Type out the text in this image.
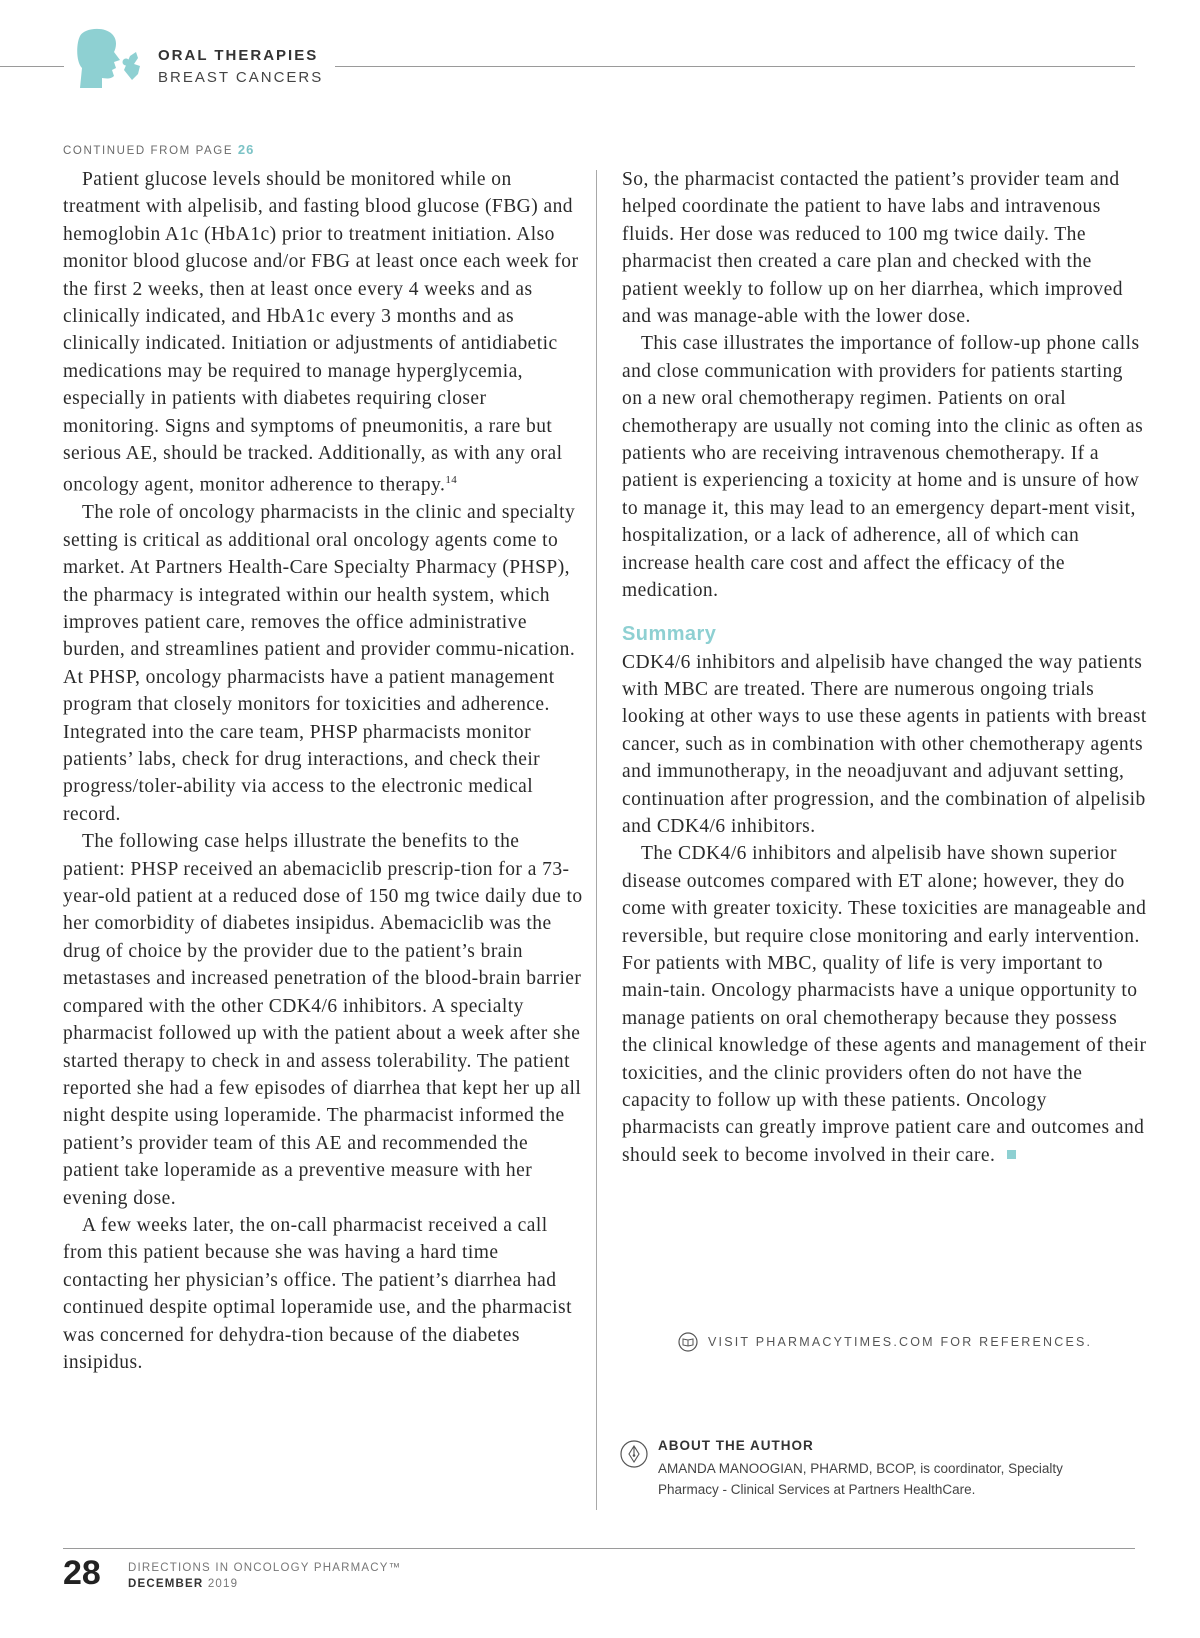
ORAL THERAPIES
BREAST CANCERS
CONTINUED FROM PAGE 26

Patient glucose levels should be monitored while on treatment with alpelisib, and fasting blood glucose (FBG) and hemoglobin A1c (HbA1c) prior to treatment initiation. Also monitor blood glucose and/or FBG at least once each week for the first 2 weeks, then at least once every 4 weeks and as clinically indicated, and HbA1c every 3 months and as clinically indicated. Initiation or adjustments of antidiabetic medications may be required to manage hyperglycemia, especially in patients with diabetes requiring closer monitoring. Signs and symptoms of pneumonitis, a rare but serious AE, should be tracked. Additionally, as with any oral oncology agent, monitor adherence to therapy.$^{14}$

The role of oncology pharmacists in the clinic and specialty setting is critical as additional oral oncology agents come to market. At Partners Health-Care Specialty Pharmacy (PHSP), the pharmacy is integrated within our health system, which improves patient care, removes the office administrative burden, and streamlines patient and provider commu-nication. At PHSP, oncology pharmacists have a patient management program that closely monitors for toxicities and adherence. Integrated into the care team, PHSP pharmacists monitor patients’ labs, check for drug interactions, and check their progress/toler-ability via access to the electronic medical record.

The following case helps illustrate the benefits to the patient: PHSP received an abemaciclib prescrip-tion for a 73-year-old patient at a reduced dose of 150 mg twice daily due to her comorbidity of diabetes insipidus. Abemaciclib was the drug of choice by the provider due to the patient’s brain metastases and increased penetration of the blood-brain barrier compared with the other CDK4/6 inhibitors. A specialty pharmacist followed up with the patient about a week after she started therapy to check in and assess tolerability. The patient reported she had a few episodes of diarrhea that kept her up all night despite using loperamide. The pharmacist informed the patient’s provider team of this AE and recommended the patient take loperamide as a preventive measure with her evening dose.

A few weeks later, the on-call pharmacist received a call from this patient because she was having a hard time contacting her physician’s office. The patient’s diarrhea had continued despite optimal loperamide use, and the pharmacist was concerned for dehydra-tion because of the diabetes insipidus.

So, the pharmacist contacted the patient’s provider team and helped coordinate the patient to have labs and intravenous fluids. Her dose was reduced to 100 mg twice daily. The pharmacist then created a care plan and checked with the patient weekly to follow up on her diarrhea, which improved and was manage-able with the lower dose.

This case illustrates the importance of follow-up phone calls and close communication with providers for patients starting on a new oral chemotherapy regimen. Patients on oral chemotherapy are usually not coming into the clinic as often as patients who are receiving intravenous chemotherapy. If a patient is experiencing a toxicity at home and is unsure of how to manage it, this may lead to an emergency depart-ment visit, hospitalization, or a lack of adherence, all of which can increase health care cost and affect the efficacy of the medication.

Summary

CDK4/6 inhibitors and alpelisib have changed the way patients with MBC are treated. There are numerous ongoing trials looking at other ways to use these agents in patients with breast cancer, such as in combination with other chemotherapy agents and immunotherapy, in the neoadjuvant and adjuvant setting, continuation after progression, and the combination of alpelisib and CDK4/6 inhibitors.

The CDK4/6 inhibitors and alpelisib have shown superior disease outcomes compared with ET alone; however, they do come with greater toxicity. These toxicities are manageable and reversible, but require close monitoring and early intervention. For patients with MBC, quality of life is very important to main-tain. Oncology pharmacists have a unique opportunity to manage patients on oral chemotherapy because they possess the clinical knowledge of these agents and management of their toxicities, and the clinic providers often do not have the capacity to follow up with these patients. Oncology pharmacists can greatly improve patient care and outcomes and should seek to become involved in their care.

VISIT PHARMACYTIMES.COM FOR REFERENCES.
ABOUT THE AUTHOR
AMANDA MANOOGIAN, PHARMD, BCOP, is coordinator, Specialty Pharmacy - Clinical Services at Partners HealthCare.
28 DIRECTIONS IN ONCOLOGY PHARMACY™
DECEMBER 2019
